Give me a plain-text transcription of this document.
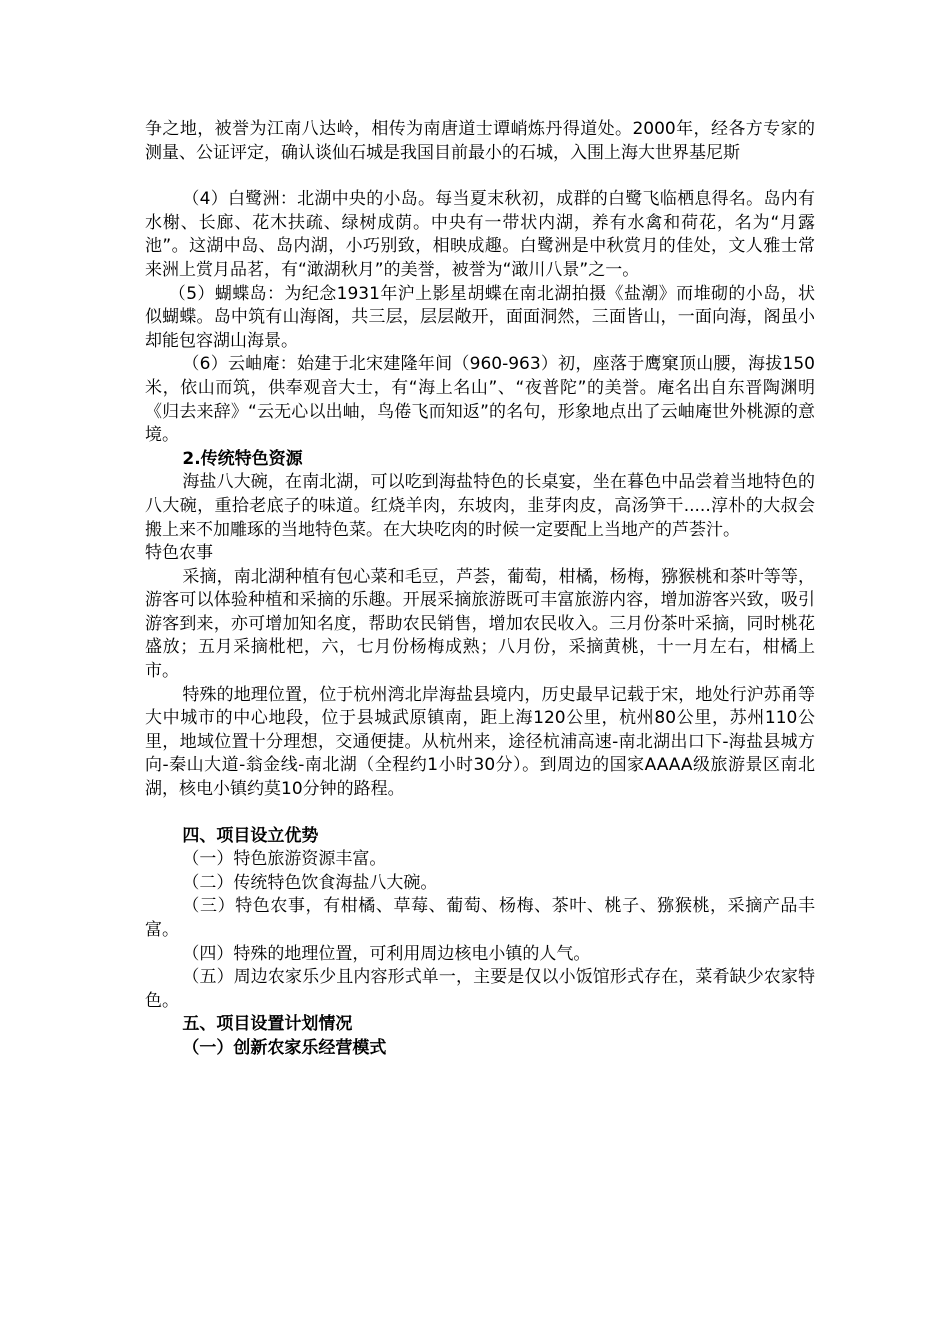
争之地，被誉为江南八达岭，相传为南唐道士谭峭炼丹得道处。2000年，经各方专家的测量、公证评定，确认谈仙石城是我国目前最小的石城，入围上海大世界基尼斯

（4）白鹭洲：北湖中央的小岛。每当夏末秋初，成群的白鹭飞临栖息得名。岛内有水榭、长廊、花木扶疏、绿树成荫。中央有一带状内湖，养有水禽和荷花，名为“月露池”。这湖中岛、岛内湖，小巧别致，相映成趣。白鹭洲是中秋赏月的佳处，文人雅士常来洲上赏月品茗，有“澉湖秋月”的美誉，被誉为“澉川八景”之一。

（5）蝴蝶岛：为纪念1931年沪上影星胡蝶在南北湖拍摄《盐潮》而堆砌的小岛，状似蝴蝶。岛中筑有山海阁，共三层，层层敞开，面面洞然，三面皆山，一面向海，阁虽小却能包容湖山海景。

（6）云岫庵：始建于北宋建隆年间（960-963）初，座落于鹰窠顶山腰，海拔150米，依山而筑，供奉观音大士，有“海上名山”、“夜普陀”的美誉。庵名出自东晋陶渊明《归去来辞》“云无心以出岫，鸟倦飞而知返”的名句，形象地点出了云岫庵世外桃源的意境。

2.传统特色资源

海盐八大碗，在南北湖，可以吃到海盐特色的长桌宴，坐在暮色中品尝着当地特色的八大碗，重拾老底子的味道。红烧羊肉，东坡肉，韭芽肉皮，高汤笋干.....淳朴的大叔会搬上来不加雕琢的当地特色菜。在大块吃肉的时候一定要配上当地产的芦荟汁。

特色农事

采摘，南北湖种植有包心菜和毛豆，芦荟，葡萄，柑橘，杨梅，猕猴桃和茶叶等等，游客可以体验种植和采摘的乐趣。开展采摘旅游既可丰富旅游内容，增加游客兴致，吸引游客到来，亦可增加知名度，帮助农民销售，增加农民收入。三月份茶叶采摘，同时桃花盛放；五月采摘枇杷，六，七月份杨梅成熟；八月份，采摘黄桃，十一月左右，柑橘上市。

特殊的地理位置，位于杭州湾北岸海盐县境内，历史最早记载于宋，地处行沪苏甬等大中城市的中心地段，位于县城武原镇南，距上海120公里，杭州80公里，苏州110公里，地域位置十分理想，交通便捷。从杭州来，途径杭浦高速-南北湖出口下-海盐县城方向-秦山大道-翁金线-南北湖（全程约1小时30分）。到周边的国家AAAA级旅游景区南北湖，核电小镇约莫10分钟的路程。

四、项目设立优势

（一）特色旅游资源丰富。

（二）传统特色饮食海盐八大碗。

（三）特色农事，有柑橘、草莓、葡萄、杨梅、茶叶、桃子、猕猴桃，采摘产品丰富。

（四）特殊的地理位置，可利用周边核电小镇的人气。

（五）周边农家乐少且内容形式单一，主要是仅以小饭馆形式存在，菜肴缺少农家特色。

五、项目设置计划情况

（一）创新农家乐经营模式
